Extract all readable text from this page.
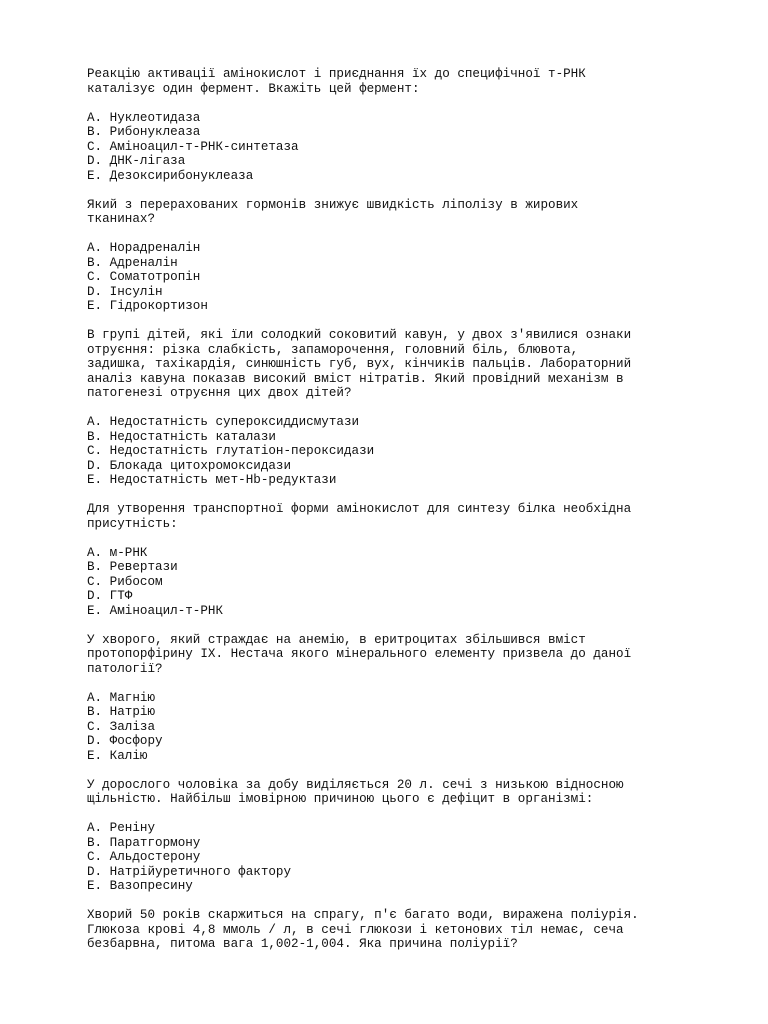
Реакцію активації амінокислот і приєднання їх до специфічної т-РНК
каталізує один фермент. Вкажіть цей фермент:
A. Нуклеотидаза
B. Рибонуклеаза
C. Аміноацил-т-РНК-синтетаза
D. ДНК-лігаза
E. Дезоксирибонуклеаза
Який з перерахованих гормонів знижує швидкість ліполізу в жирових
тканинах?
A. Норадреналін
B. Адреналін
C. Соматотропін
D. Інсулін
E. Гідрокортизон
В групі дітей, які їли солодкий соковитий кавун, у двох з'явилися ознаки
отруєння: різка слабкість, запаморочення, головний біль, блювота,
задишка, тахікардія, синюшність губ, вух, кінчиків пальців. Лабораторний
аналіз кавуна показав високий вміст нітратів. Який провідний механізм в
патогенезі отруєння цих двох дітей?
A. Недостатність супероксиддисмутази
B. Недостатність каталази
C. Недостатність глутатіон-пероксидази
D. Блокада цитохромоксидази
E. Недостатність мет-Hb-редуктази
Для утворення транспортної форми амінокислот для синтезу білка необхідна
присутність:
A. м-РНК
B. Ревертази
C. Рибосом
D. ГТФ
E. Аміноацил-т-РНК
У хворого, який страждає на анемію, в еритроцитах збільшився вміст
протопорфірину IX. Нестача якого мінерального елементу призвела до даної
патології?
A. Магнію
B. Натрію
C. Заліза
D. Фосфору
E. Калію
У дорослого чоловіка за добу виділяється 20 л. сечі з низькою відносною
щільністю. Найбільш імовірною причиною цього є дефіцит в організмі:
A. Реніну
B. Паратгормону
C. Альдостерону
D. Натрійуретичного фактору
E. Вазопресину
Хворий 50 років скаржиться на спрагу, п'є багато води, виражена поліурія.
Глюкоза крові 4,8 ммоль / л, в сечі глюкози і кетонових тіл немає, сеча
безбарвна, питома вага 1,002-1,004. Яка причина поліурії?
